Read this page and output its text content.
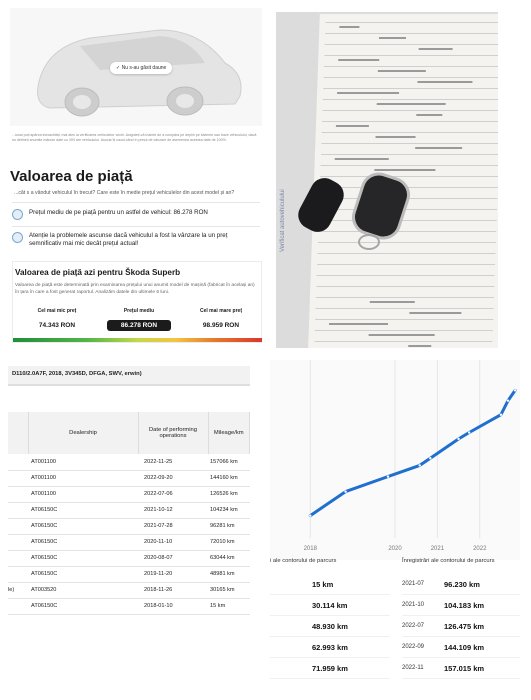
✓ Nu s-au găsit daune
...ional poți apărea inexactități, mai ales la verificarea vehiculelor vechi. Asiguteți-vă înainte de a cumpăra pe deplin pe sisteme sau baze vehiculului, dacă nu detineți anumite mânuie date cu VIN are vehiculului. Asocia îți cazul când în prețul de vânzare de asemenea acestea date de 100%.
Valoarea de piață
...căt s a vândut vehiculul în trecut? Care este în medie prețul vehiculelor din acest model și an?
Prețul mediu de pe piață pentru un astfel de vehicul: 86.278 RON
Atenție la problemele ascunse dacă vehiculul a fost la vânzare la un preț semnificativ mai mic decât prețul actual!
Valoarea de piață azi pentru Škoda Superb
Valoarea de piață este determinată prin examinarea prețului unui anumit model de mașină (fabricat în același an) în țara în care a fost generat raportul. Analizăm datele din ultimele 6 luni.
Cel mai mic preț
74.343 RON
Prețul mediu
86.278 RON
Cel mai mare preț
98.959 RON
Verificat autovehiculului
D110/2.0A7F, 2018, 3V345D, DFGA, SWV, erwin)
	Dealership	Date of performing operations	Mileage/km
	AT001100	2022-11-25	157066 km
	AT001100	2022-09-20	144160 km
	AT001100	2022-07-06	126526 km
	AT06150C	2021-10-12	104234 km
	AT06150C	2021-07-28	96281 km
	AT06150C	2020-11-10	72010 km
	AT06150C	2020-08-07	63044 km
	AT06150C	2019-11-20	48981 km
le)	AT003520	2018-11-26	30165 km
	AT06150C	2018-01-10	15 km
2018	2020	2021	2022
i ale contorului de parcurs
15 km
30.114 km
48.930 km
62.993 km
71.959 km
Înregistrări ale contorului de parcurs
2021-07	96.230 km
2021-10	104.183 km
2022-07	126.475 km
2022-09	144.109 km
2022-11	157.015 km
